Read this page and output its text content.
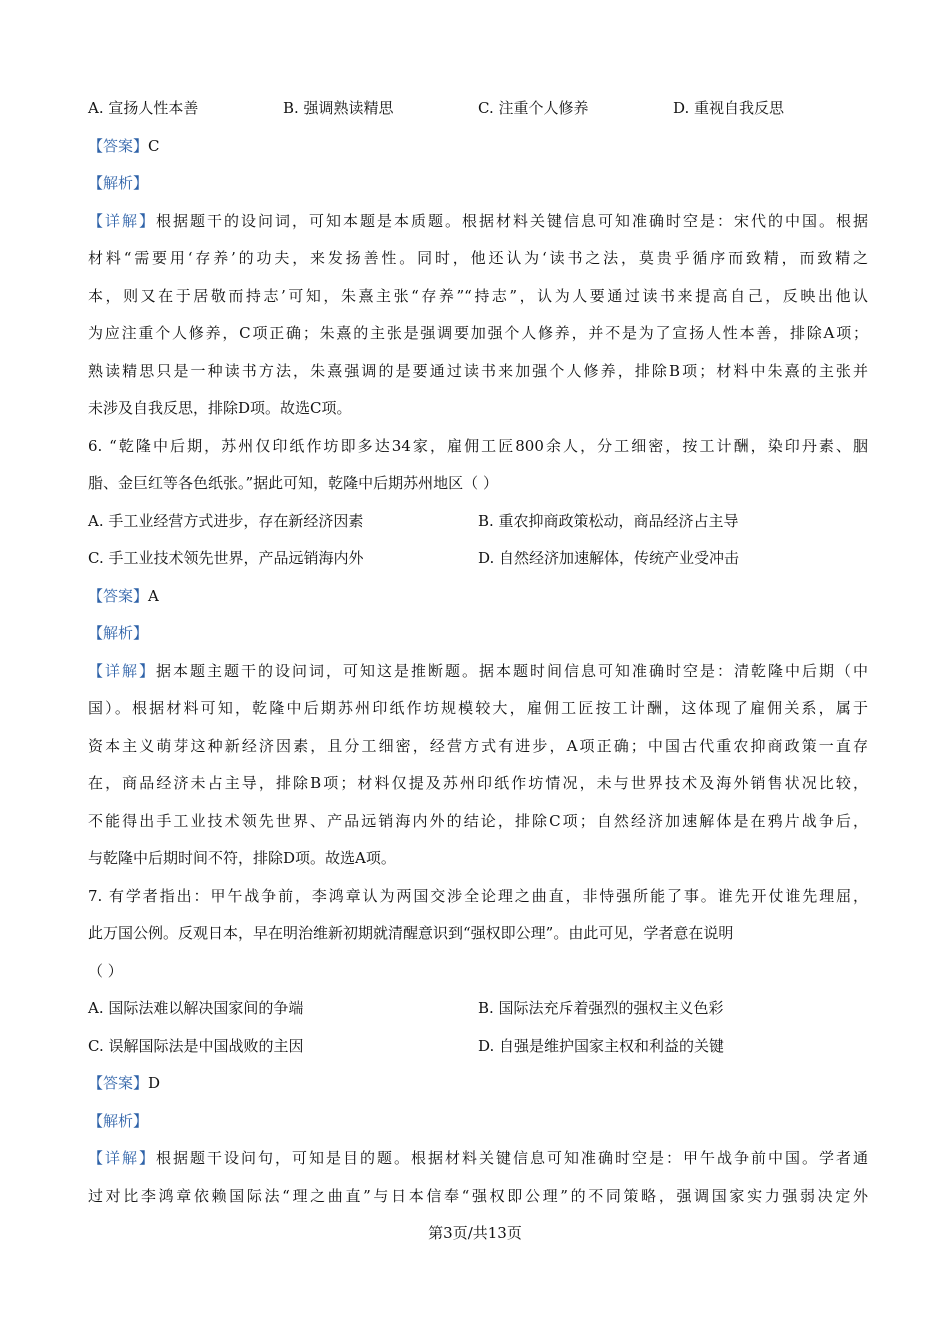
A. 宣扬人性本善	B. 强调熟读精思	C. 注重个人修养	D. 重视自我反思
【答案】C
【解析】
【详解】根据题干的设问词，可知本题是本质题。根据材料关键信息可知准确时空是：宋代的中国。根据
材料“需要用‘存养’的功夫，来发扬善性。同时，他还认为‘读书之法，莫贵乎循序而致精，而致精之
本，则又在于居敬而持志’可知，朱熹主张“存养”“持志”，认为人要通过读书来提高自己，反映出他认
为应注重个人修养，C项正确；朱熹的主张是强调要加强个人修养，并不是为了宣扬人性本善，排除A项；
熟读精思只是一种读书方法，朱熹强调的是要通过读书来加强个人修养，排除B项；材料中朱熹的主张并
未涉及自我反思，排除D项。故选C项。
6. “乾隆中后期，苏州仅印纸作坊即多达34家，雇佣工匠800余人，分工细密，按工计酬，染印丹素、胭
脂、金巨红等各色纸张。”据此可知，乾隆中后期苏州地区（ ）
A. 手工业经营方式进步，存在新经济因素	B. 重农抑商政策松动，商品经济占主导
C. 手工业技术领先世界，产品远销海内外	D. 自然经济加速解体，传统产业受冲击
【答案】A
【解析】
【详解】据本题主题干的设问词，可知这是推断题。据本题时间信息可知准确时空是：清乾隆中后期（中
国）。根据材料可知，乾隆中后期苏州印纸作坊规模较大，雇佣工匠按工计酬，这体现了雇佣关系，属于
资本主义萌芽这种新经济因素，且分工细密，经营方式有进步，A项正确；中国古代重农抑商政策一直存
在，商品经济未占主导，排除B项；材料仅提及苏州印纸作坊情况，未与世界技术及海外销售状况比较，
不能得出手工业技术领先世界、产品远销海内外的结论，排除C项；自然经济加速解体是在鸦片战争后，
与乾隆中后期时间不符，排除D项。故选A项。
7. 有学者指出：甲午战争前，李鸿章认为两国交涉全论理之曲直，非恃强所能了事。谁先开仗谁先理屈，
此万国公例。反观日本，早在明治维新初期就清醒意识到“强权即公理”。由此可见，学者意在说明
（ ）
A. 国际法难以解决国家间的争端	B. 国际法充斥着强烈的强权主义色彩
C. 误解国际法是中国战败的主因	D. 自强是维护国家主权和利益的关键
【答案】D
【解析】
【详解】根据题干设问句，可知是目的题。根据材料关键信息可知准确时空是：甲午战争前中国。学者通
过对比李鸿章依赖国际法“理之曲直”与日本信奉“强权即公理”的不同策略，强调国家实力强弱决定外
第3页/共13页
